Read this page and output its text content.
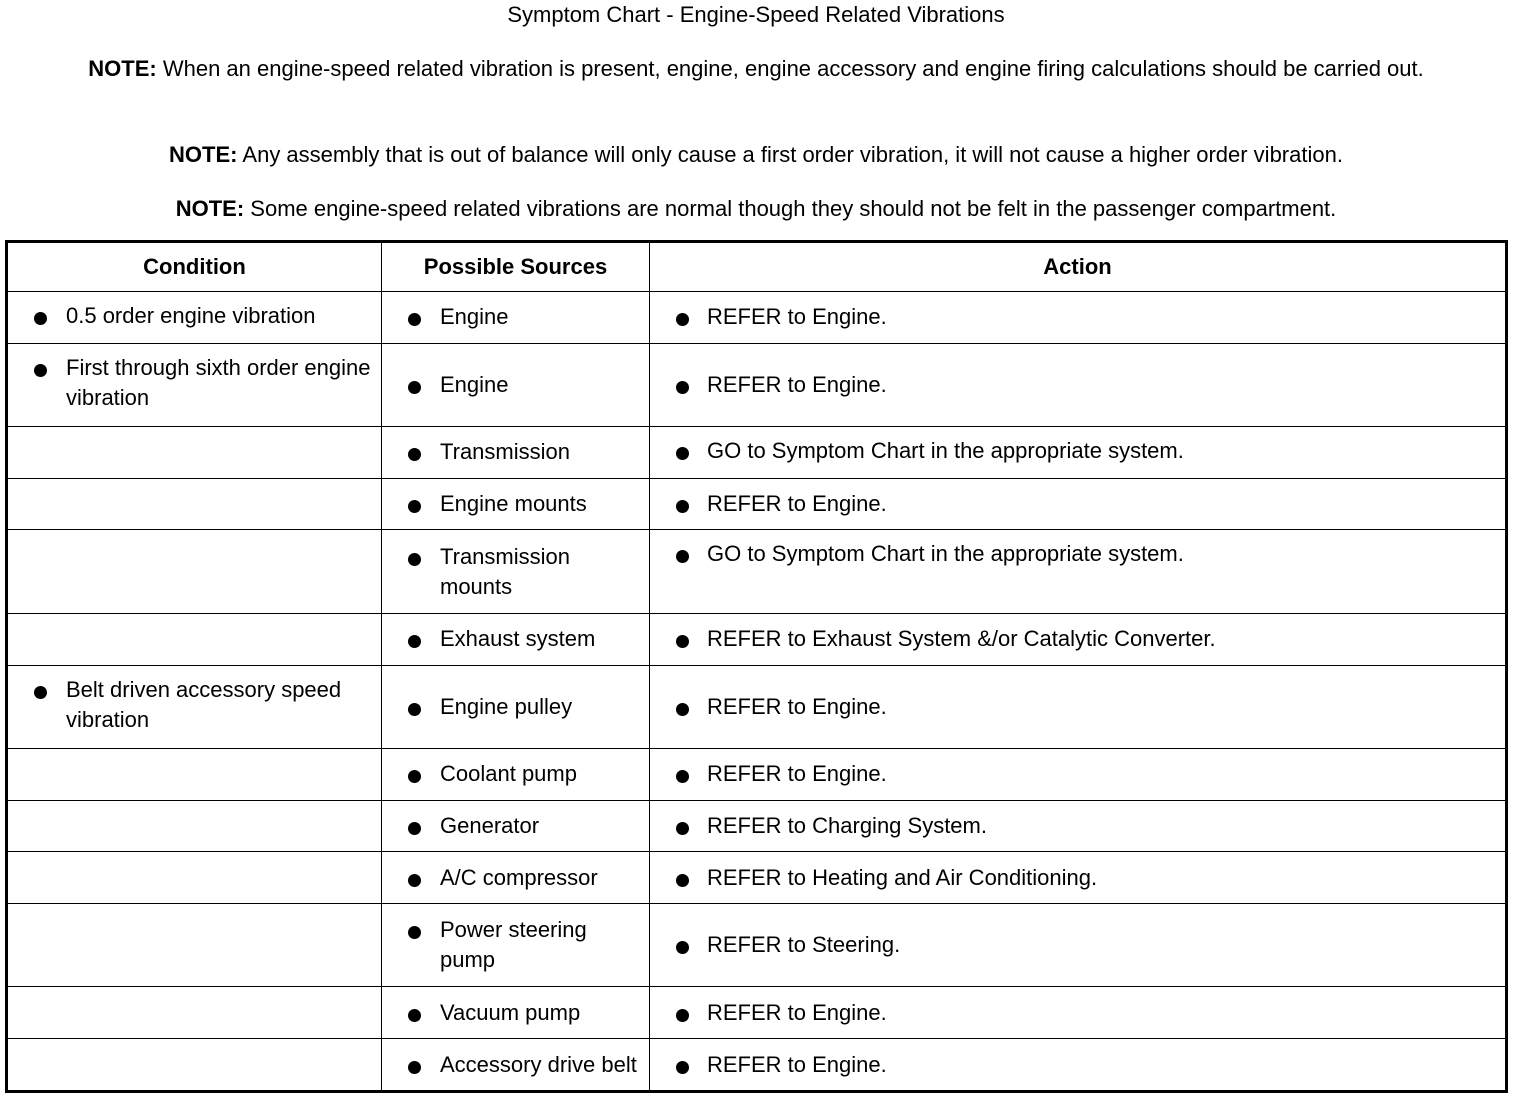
Symptom Chart - Engine-Speed Related Vibrations
NOTE: When an engine-speed related vibration is present, engine, engine accessory and engine firing calculations should be carried out.
NOTE: Any assembly that is out of balance will only cause a first order vibration, it will not cause a higher order vibration.
NOTE: Some engine-speed related vibrations are normal though they should not be felt in the passenger compartment.
Condition	Possible Sources	Action

0.5 order engine vibration	Engine	REFER to Engine.

First through sixth order engine vibration	Engine	REFER to Engine.

	Transmission	GO to Symptom Chart in the appropriate system.

	Engine mounts	REFER to Engine.

	Transmission mounts	GO to Symptom Chart in the appropriate system.

	Exhaust system	REFER to Exhaust System &/or Catalytic Converter.

Belt driven accessory speed vibration	Engine pulley	REFER to Engine.

	Coolant pump	REFER to Engine.

	Generator	REFER to Charging System.

	A/C compressor	REFER to Heating and Air Conditioning.

	Power steering pump	REFER to Steering.

	Vacuum pump	REFER to Engine.

	Accessory drive belt	REFER to Engine.
